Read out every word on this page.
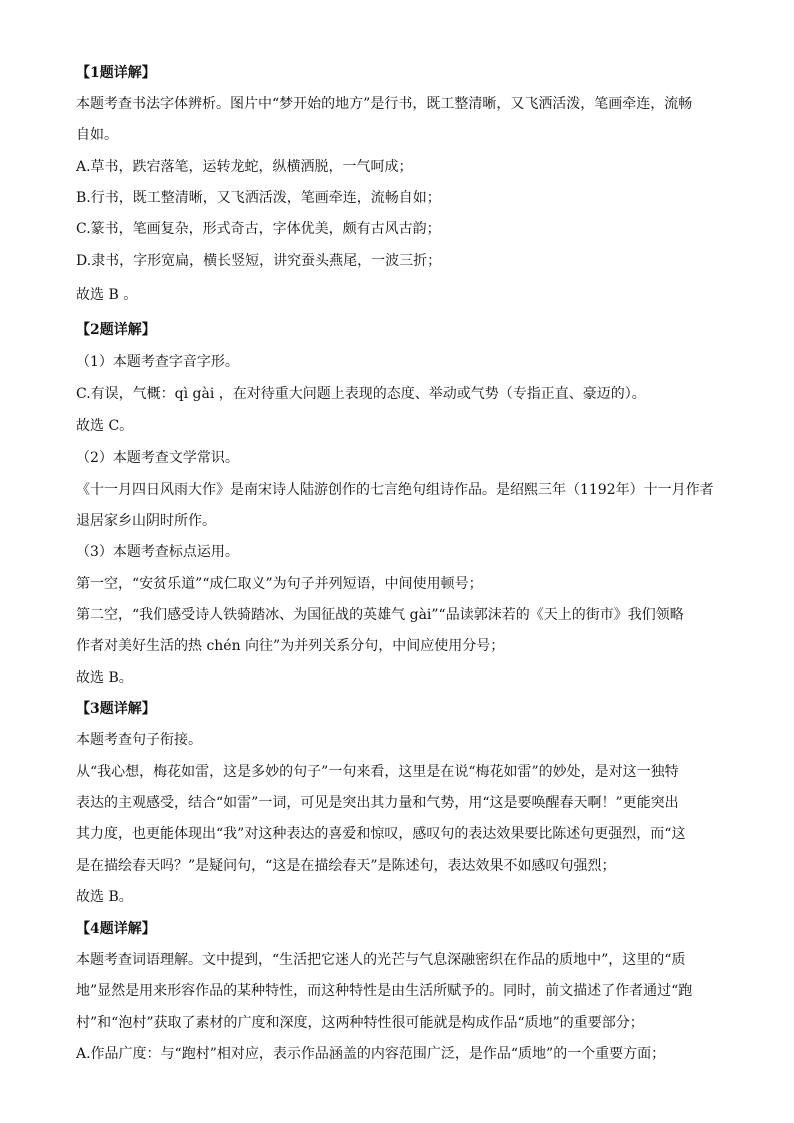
【1题详解】
本题考查书法字体辨析。图片中“梦开始的地方”是行书，既工整清晰，又飞洒活泼，笔画牵连，流畅
自如。
A.草书，跌宕落笔，运转龙蛇，纵横洒脱，一气呵成；
B.行书，既工整清晰，又飞洒活泼，笔画牵连，流畅自如；
C.篆书，笔画复杂，形式奇古，字体优美，颇有古风古韵；
D.隶书，字形宽扁，横长竖短，讲究蚕头燕尾，一波三折；
故选 B 。
【2题详解】
（1）本题考查字音字形。
C.有误，气概：qì gài ，在对待重大问题上表现的态度、举动或气势（专指正直、豪迈的）。
故选 C。
（2）本题考查文学常识。
《十一月四日风雨大作》是南宋诗人陆游创作的七言绝句组诗作品。是绍熙三年（1192年）十一月作者
退居家乡山阴时所作。
（3）本题考查标点运用。
第一空，“安贫乐道”“成仁取义”为句子并列短语，中间使用顿号；
第二空，“我们感受诗人铁骑踏冰、为国征战的英雄气 gài”“品读郭沫若的《天上的街市》我们领略
作者对美好生活的热 chén 向往”为并列关系分句，中间应使用分号；
故选 B。
【3题详解】
本题考查句子衔接。
从“我心想，梅花如雷，这是多妙的句子”一句来看，这里是在说“梅花如雷”的妙处，是对这一独特
表达的主观感受，结合“如雷”一词，可见是突出其力量和气势，用“这是要唤醒春天啊！”更能突出
其力度，也更能体现出“我”对这种表达的喜爱和惊叹，感叹句的表达效果要比陈述句更强烈，而“这
是在描绘春天吗？”是疑问句，“这是在描绘春天”是陈述句，表达效果不如感叹句强烈；
故选 B。
【4题详解】
本题考查词语理解。文中提到，“生活把它迷人的光芒与气息深融密织在作品的质地中”，这里的“质
地”显然是用来形容作品的某种特性，而这种特性是由生活所赋予的。同时，前文描述了作者通过“跑
村”和“泡村”获取了素材的广度和深度，这两种特性很可能就是构成作品“质地”的重要部分；
A.作品广度：与“跑村”相对应，表示作品涵盖的内容范围广泛，是作品“质地”的一个重要方面；
